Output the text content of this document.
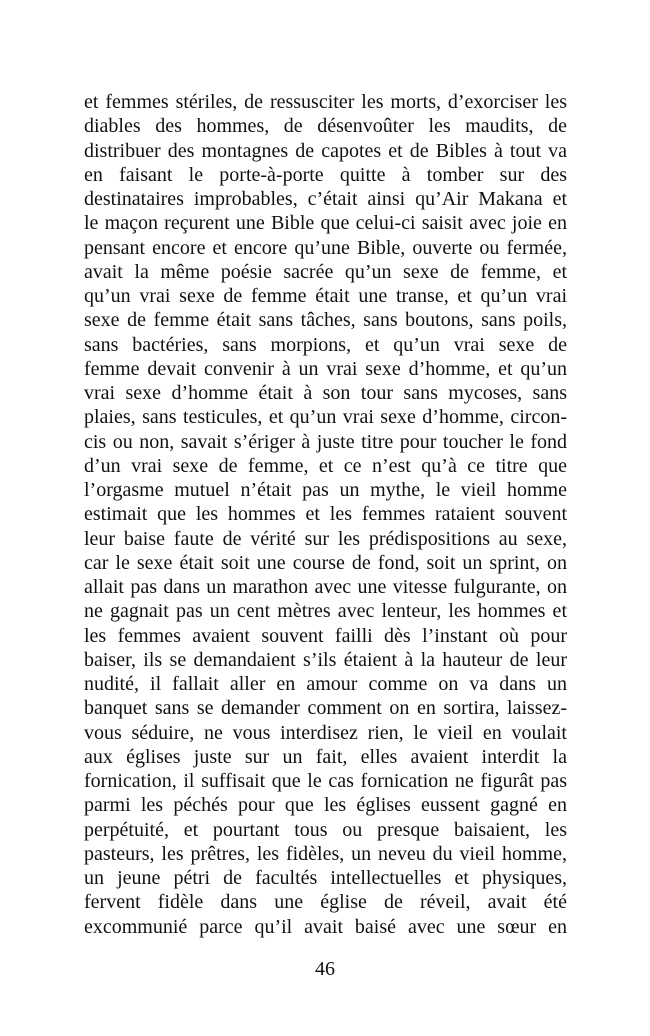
et femmes stériles, de ressusciter les morts, d’exorciser les
diables des hommes, de désenvoûter les maudits, de
distribuer des montagnes de capotes et de Bibles à tout va
en faisant le porte-à-porte quitte à tomber sur des
destinataires improbables, c’était ainsi qu’Air Makana et
le maçon reçurent une Bible que celui-ci saisit avec joie en
pensant encore et encore qu’une Bible, ouverte ou fermée,
avait la même poésie sacrée qu’un sexe de femme, et
qu’un vrai sexe de femme était une transe, et qu’un vrai
sexe de femme était sans tâches, sans boutons, sans poils,
sans bactéries, sans morpions, et qu’un vrai sexe de
femme devait convenir à un vrai sexe d’homme, et qu’un
vrai sexe d’homme était à son tour sans mycoses, sans
plaies, sans testicules, et qu’un vrai sexe d’homme, circon-
cis ou non, savait s’ériger à juste titre pour toucher le fond
d’un vrai sexe de femme, et ce n’est qu’à ce titre que
l’orgasme mutuel n’était pas un mythe, le vieil homme
estimait que les hommes et les femmes rataient souvent
leur baise faute de vérité sur les prédispositions au sexe,
car le sexe était soit une course de fond, soit un sprint, on
allait pas dans un marathon avec une vitesse fulgurante, on
ne gagnait pas un cent mètres avec lenteur, les hommes et
les femmes avaient souvent failli dès l’instant où pour
baiser, ils se demandaient s’ils étaient à la hauteur de leur
nudité, il fallait aller en amour comme on va dans un
banquet sans se demander comment on en sortira, laissez-
vous séduire, ne vous interdisez rien, le vieil en voulait
aux églises juste sur un fait, elles avaient interdit la
fornication, il suffisait que le cas fornication ne figurât pas
parmi les péchés pour que les églises eussent gagné en
perpétuité, et pourtant tous ou presque baisaient, les
pasteurs, les prêtres, les fidèles, un neveu du vieil homme,
un jeune pétri de facultés intellectuelles et physiques,
fervent fidèle dans une église de réveil, avait été
excommunié parce qu’il avait baisé avec une sœur en
46
